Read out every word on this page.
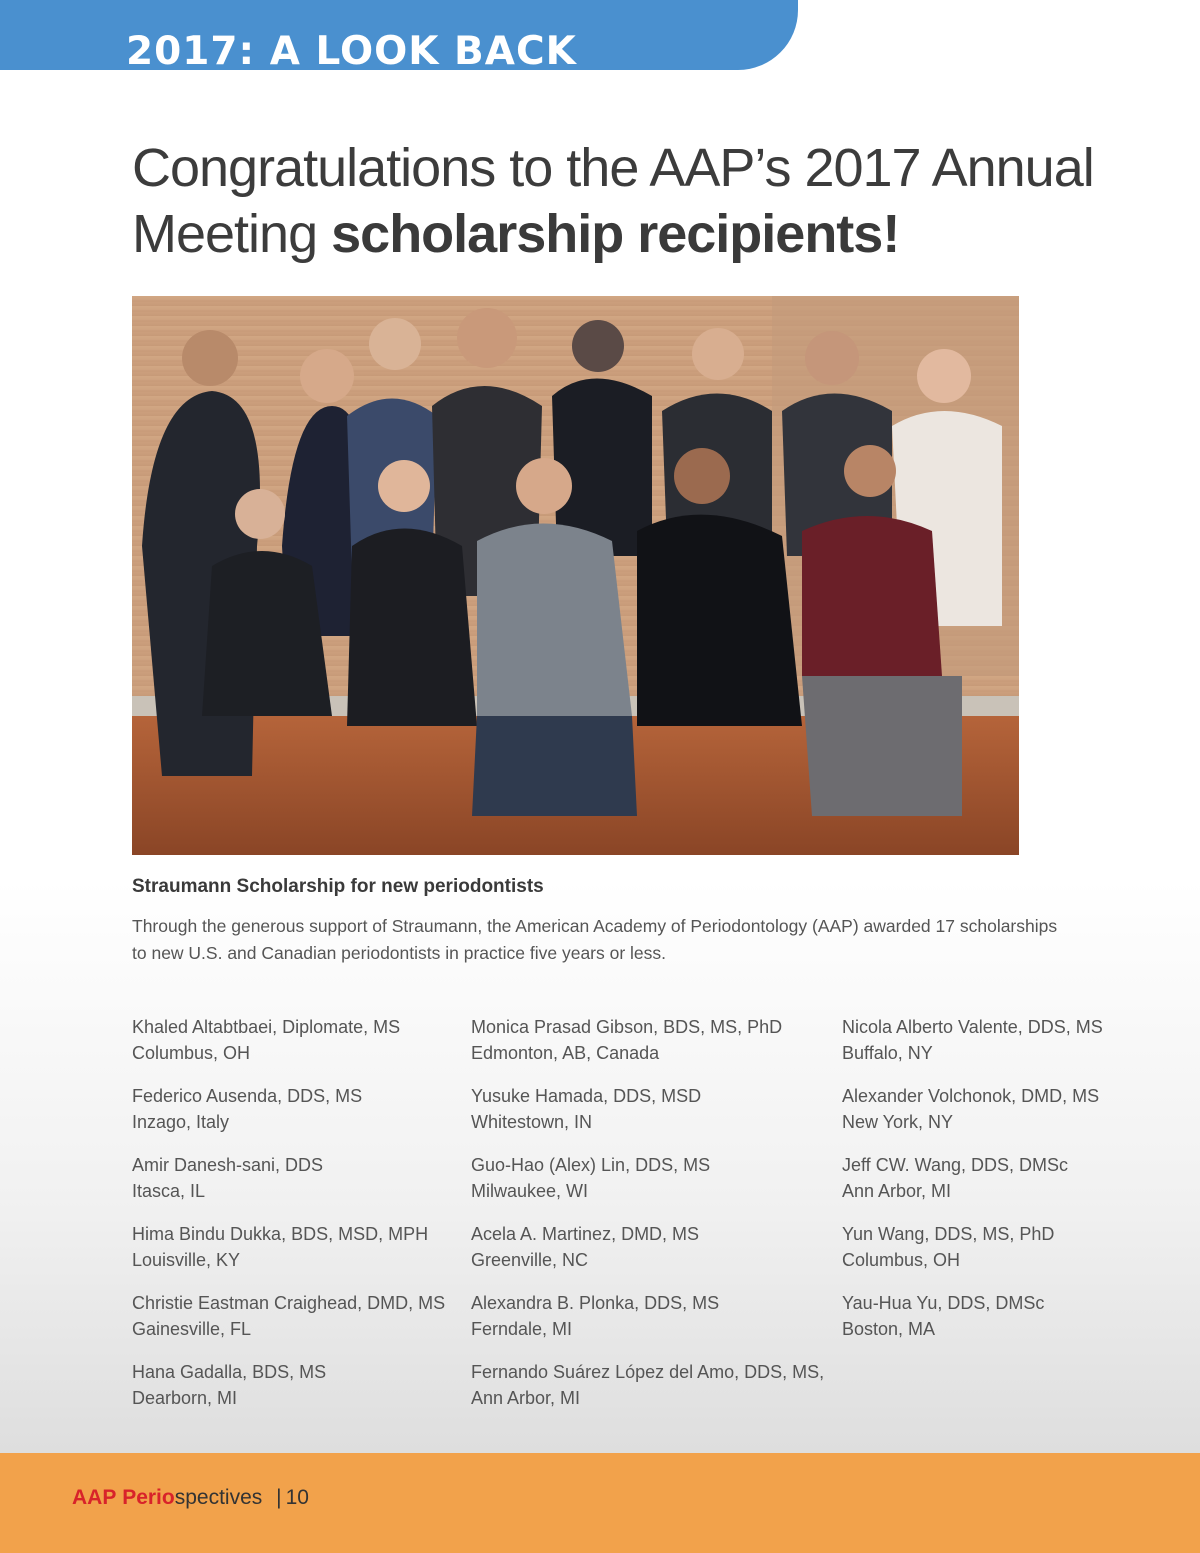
2017: A LOOK BACK
Congratulations to the AAP’s 2017 Annual
Meeting scholarship recipients!
Straumann Scholarship for new periodontists
Through the generous support of Straumann, the American Academy of Periodontology (AAP) awarded 17 scholarships to new U.S. and Canadian periodontists in practice five years or less.
Khaled Altabtbaei, Diplomate, MS
Columbus, OH
Federico Ausenda, DDS, MS
Inzago, Italy
Amir Danesh-sani, DDS
Itasca, IL
Hima Bindu Dukka, BDS, MSD, MPH
Louisville, KY
Christie Eastman Craighead, DMD, MS
Gainesville, FL
Hana Gadalla, BDS, MS
Dearborn, MI
Monica Prasad Gibson, BDS, MS, PhD
Edmonton, AB, Canada
Yusuke Hamada, DDS, MSD
Whitestown, IN
Guo-Hao (Alex) Lin, DDS, MS
Milwaukee, WI
Acela A. Martinez, DMD, MS
Greenville, NC
Alexandra B. Plonka, DDS, MS
Ferndale, MI
Fernando Suárez López del Amo, DDS, MS,
Ann Arbor, MI
Nicola Alberto Valente, DDS, MS
Buffalo, NY
Alexander Volchonok, DMD, MS
New York, NY
Jeff CW. Wang, DDS, DMSc
Ann Arbor, MI
Yun Wang, DDS, MS, PhD
Columbus, OH
Yau-Hua Yu, DDS, DMSc
Boston, MA
AAP Periospectives | 10
